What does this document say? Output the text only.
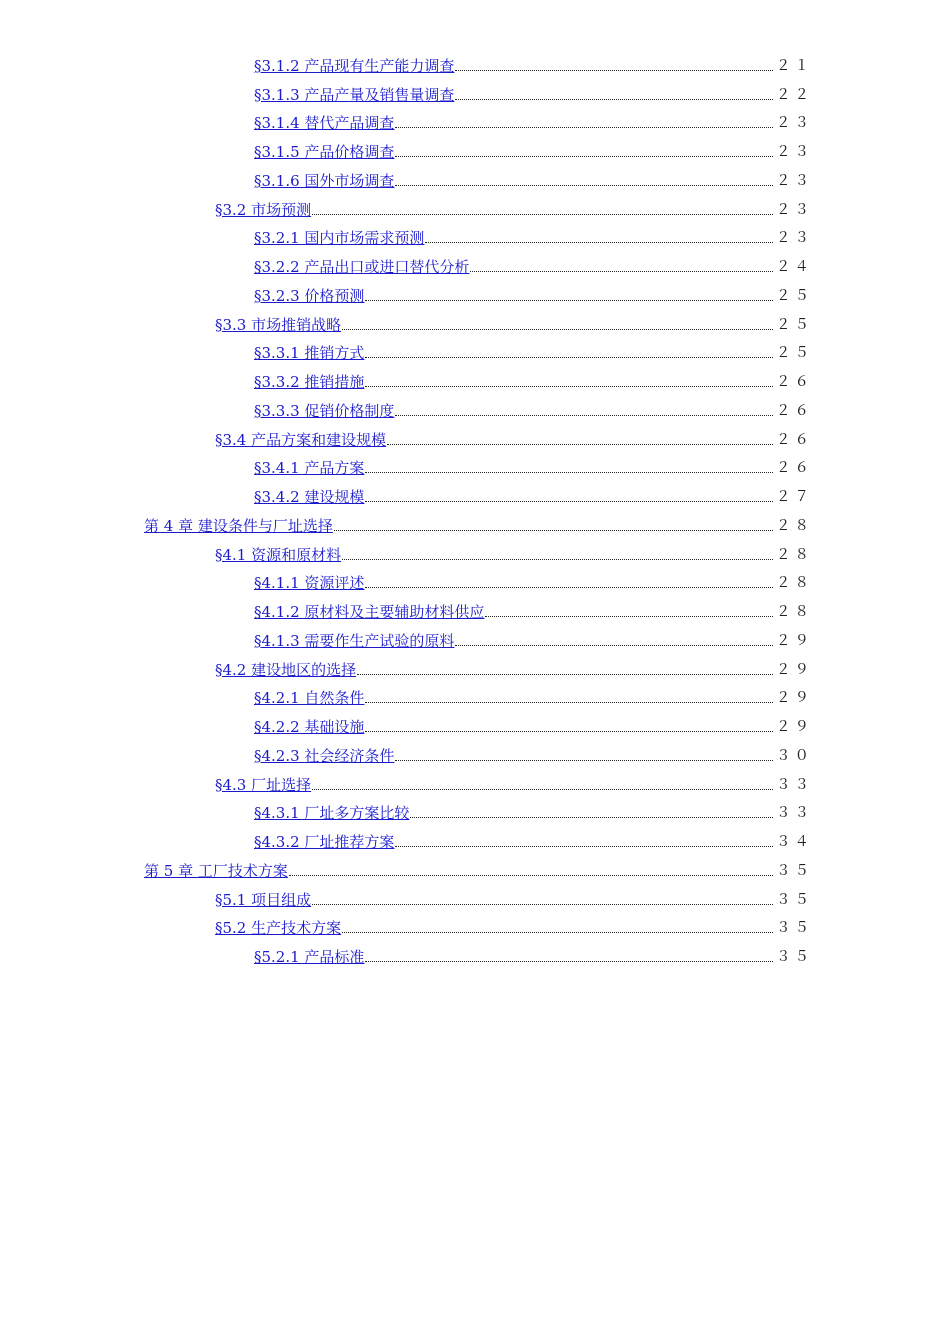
§3.1.2 产品现有生产能力调查	２１
§3.1.3 产品产量及销售量调查	２２
§3.1.4 替代产品调查	２３
§3.1.5 产品价格调查	２３
§3.1.6 国外市场调查	２３
§3.2 市场预测	２３
§3.2.1 国内市场需求预测	２３
§3.2.2 产品出口或进口替代分析	２４
§3.2.3 价格预测	２５
§3.3 市场推销战略	２５
§3.3.1 推销方式	２５
§3.3.2 推销措施	２６
§3.3.3 促销价格制度	２６
§3.4 产品方案和建设规模	２６
§3.4.1 产品方案	２６
§3.4.2 建设规模	２７
第 4 章 建设条件与厂址选择	２８
§4.1 资源和原材料	２８
§4.1.1 资源评述	２８
§4.1.2 原材料及主要辅助材料供应	２８
§4.1.3 需要作生产试验的原料	２９
§4.2 建设地区的选择	２９
§4.2.1 自然条件	２９
§4.2.2 基础设施	２９
§4.2.3 社会经济条件	３０
§4.3 厂址选择	３３
§4.3.1 厂址多方案比较	３３
§4.3.2 厂址推荐方案	３４
第 5 章 工厂技术方案	３５
§5.1 项目组成	３５
§5.2 生产技术方案	３５
§5.2.1 产品标准	３５
